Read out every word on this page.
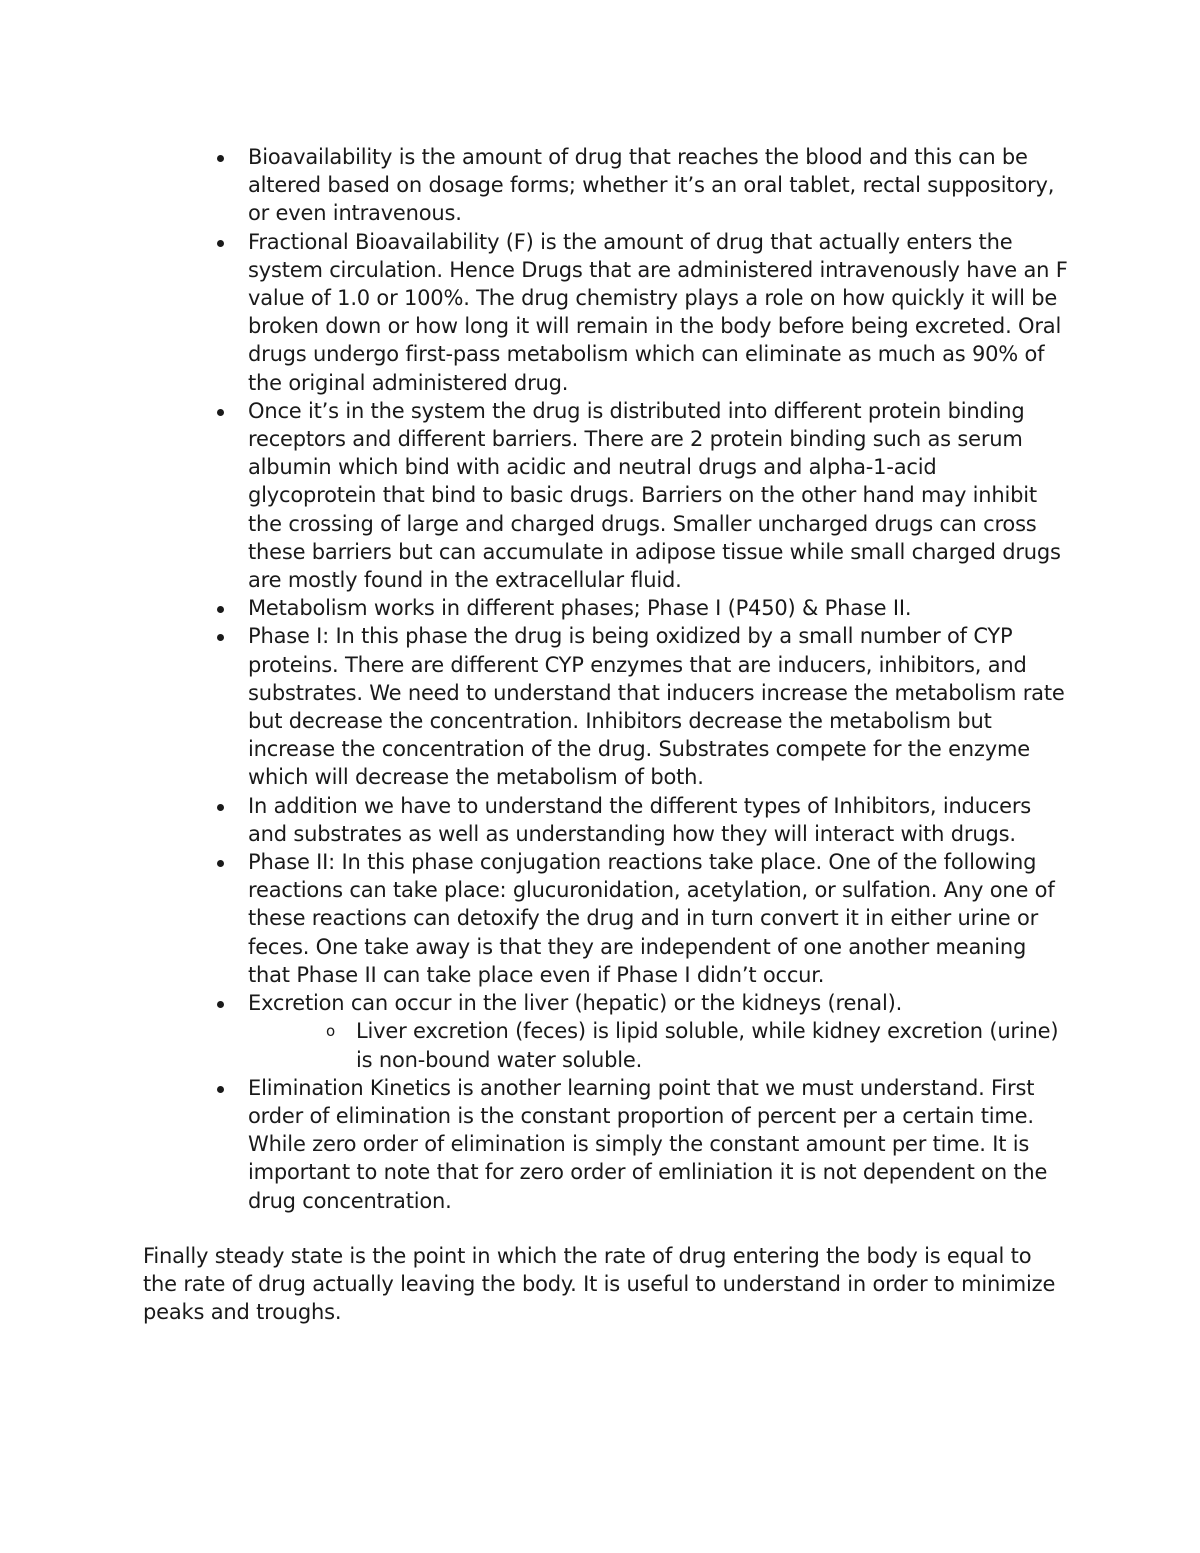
Bioavailability is the amount of drug that reaches the blood and this can be altered based on dosage forms; whether it’s an oral tablet, rectal suppository, or even intravenous.
Fractional Bioavailability (F) is the amount of drug that actually enters the system circulation. Hence Drugs that are administered intravenously have an F value of 1.0 or 100%. The drug chemistry plays a role on how quickly it will be broken down or how long it will remain in the body before being excreted. Oral drugs undergo first-pass metabolism which can eliminate as much as 90% of the original administered drug.
Once it’s in the system the drug is distributed into different protein binding receptors and different barriers. There are 2 protein binding such as serum albumin which bind with acidic and neutral drugs and alpha-1-acid glycoprotein that bind to basic drugs. Barriers on the other hand may inhibit the crossing of large and charged drugs. Smaller uncharged drugs can cross these barriers but can accumulate in adipose tissue while small charged drugs are mostly found in the extracellular fluid.
Metabolism works in different phases; Phase I (P450) & Phase II.
Phase I: In this phase the drug is being oxidized by a small number of CYP proteins. There are different CYP enzymes that are inducers, inhibitors, and substrates. We need to understand that inducers increase the metabolism rate but decrease the concentration. Inhibitors decrease the metabolism but increase the concentration of the drug. Substrates compete for the enzyme which will decrease the metabolism of both.
In addition we have to understand the different types of Inhibitors, inducers and substrates as well as understanding how they will interact with drugs.
Phase II: In this phase conjugation reactions take place. One of the following reactions can take place: glucuronidation, acetylation, or sulfation. Any one of these reactions can detoxify the drug and in turn convert it in either urine or feces. One take away is that they are independent of one another meaning that Phase II can take place even if Phase I didn’t occur.
Excretion can occur in the liver (hepatic) or the kidneys (renal).
o Liver excretion (feces) is lipid soluble, while kidney excretion (urine) is non-bound water soluble.
Elimination Kinetics is another learning point that we must understand. First order of elimination is the constant proportion of percent per a certain time. While zero order of elimination is simply the constant amount per time. It is important to note that for zero order of emliniation it is not dependent on the drug concentration.

Finally steady state is the point in which the rate of drug entering the body is equal to the rate of drug actually leaving the body. It is useful to understand in order to minimize peaks and troughs.
